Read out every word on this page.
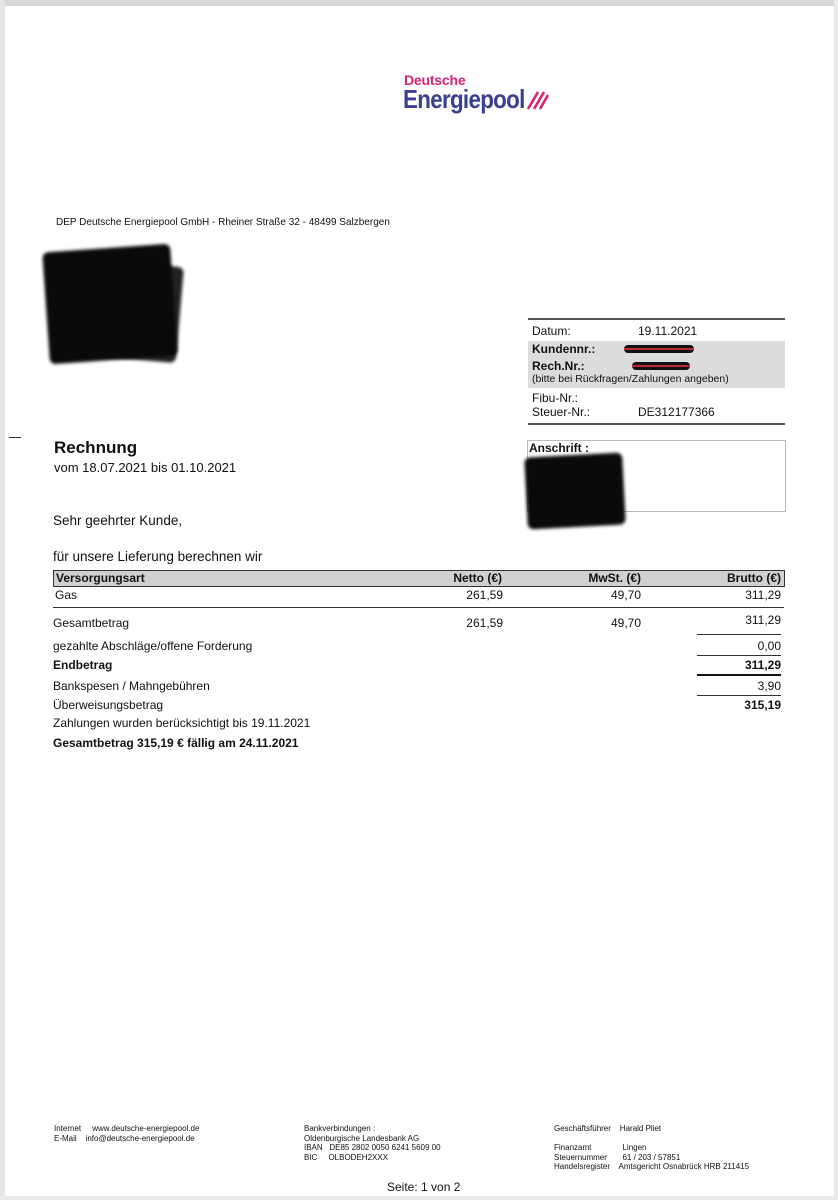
Deutsche
Energiepool
DEP Deutsche Energiepool GmbH - Rheiner Straße 32 - 48499 Salzbergen
Datum:	19.11.2021
Kundennr.:
Rech.Nr.:
(bitte bei Rückfragen/Zahlungen angeben)
Fibu-Nr.:
Steuer-Nr.:	DE312177366
Rechnung
vom 18.07.2021 bis 01.10.2021
Anschrift :
Sehr geehrter Kunde,
für unsere Lieferung berechnen wir
Versorgungsart	Netto (€)	MwSt. (€)	Brutto (€)
Gas	261,59	49,70	311,29
Gesamtbetrag	261,59	49,70	311,29
gezahlte Abschläge/offene Forderung	0,00
Endbetrag	311,29
Bankspesen / Mahngebühren	3,90
Überweisungsbetrag	315,19
Zahlungen wurden berücksichtigt bis 19.11.2021
Gesamtbetrag 315,19 € fällig am 24.11.2021
Internet     www.deutsche-energiepool.de
E-Mail    info@deutsche-energiepool.de
Bankverbindungen :
Oldenburgische Landesbank AG
IBAN   DE85 2802 0050 6241 5609 00
BIC     OLBODEH2XXX
Geschäftsführer    Harald Pliet

Finanzamt              Lingen
Steuernummer       61 / 203 / 57851
Handelsregister    Amtsgericht Osnabrück HRB 211415
Seite: 1 von 2
